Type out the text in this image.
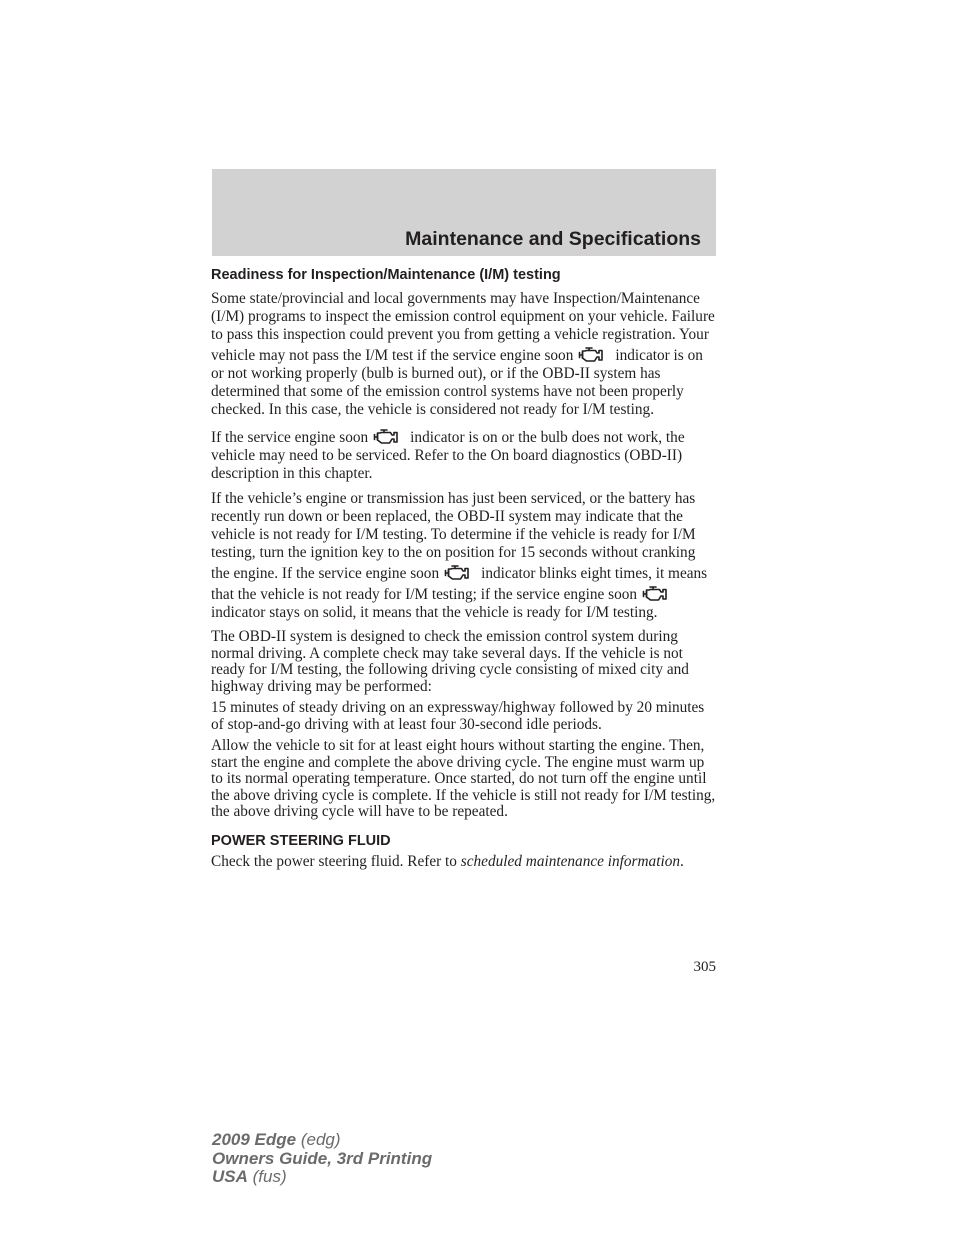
Maintenance and Specifications
Readiness for Inspection/Maintenance (I/M) testing

Some state/provincial and local governments may have Inspection/Maintenance (I/M) programs to inspect the emission control equipment on your vehicle. Failure to pass this inspection could prevent you from getting a vehicle registration. Your vehicle may not pass the I/M test if the service engine soon	indicator is on or not working properly (bulb is burned out), or if the OBD-II system has determined that some of the emission control systems have not been properly checked. In this case, the vehicle is considered not ready for I/M testing.

If the service engine soon	indicator is on or the bulb does not work, the vehicle may need to be serviced. Refer to the On board diagnostics (OBD-II) description in this chapter.

If the vehicle’s engine or transmission has just been serviced, or the battery has recently run down or been replaced, the OBD-II system may indicate that the vehicle is not ready for I/M testing. To determine if the vehicle is ready for I/M testing, turn the ignition key to the on position for 15 seconds without cranking the engine. If the service engine soon	indicator blinks eight times, it means that the vehicle is not ready for I/M testing; if the service engine soon
indicator stays on solid, it means that the vehicle is ready for I/M testing.

The OBD-II system is designed to check the emission control system during normal driving. A complete check may take several days. If the vehicle is not ready for I/M testing, the following driving cycle consisting of mixed city and highway driving may be performed:

15 minutes of steady driving on an expressway/highway followed by 20 minutes of stop-and-go driving with at least four 30-second idle periods.

Allow the vehicle to sit for at least eight hours without starting the engine. Then, start the engine and complete the above driving cycle. The engine must warm up to its normal operating temperature. Once started, do not turn off the engine until the above driving cycle is complete. If the vehicle is still not ready for I/M testing, the above driving cycle will have to be repeated.

POWER STEERING FLUID

Check the power steering fluid. Refer to scheduled maintenance information.

305
2009 Edge (edg)
Owners Guide, 3rd Printing
USA (fus)
